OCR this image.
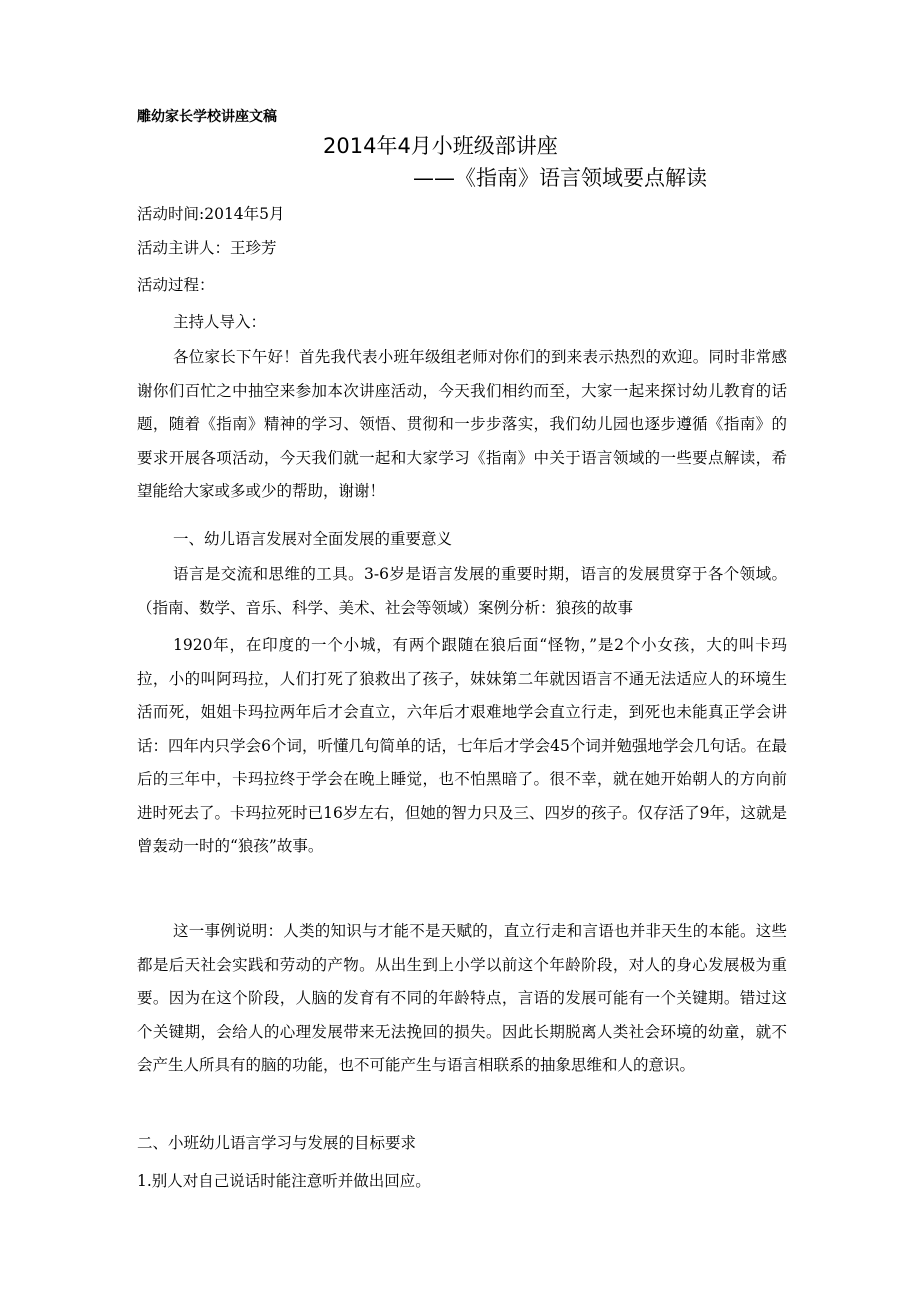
雕幼家长学校讲座文稿
2014年4月小班级部讲座
——《指南》语言领域要点解读
活动时间:2014年5月
活动主讲人：王珍芳
活动过程：
主持人导入：

各位家长下午好！首先我代表小班年级组老师对你们的到来表示热烈的欢迎。同时非常感谢你们百忙之中抽空来参加本次讲座活动，今天我们相约而至，大家一起来探讨幼儿教育的话题，随着《指南》精神的学习、领悟、贯彻和一步步落实，我们幼儿园也逐步遵循《指南》的要求开展各项活动，今天我们就一起和大家学习《指南》中关于语言领域的一些要点解读，希望能给大家或多或少的帮助，谢谢！

一、幼儿语言发展对全面发展的重要意义

语言是交流和思维的工具。3-6岁是语言发展的重要时期，语言的发展贯穿于各个领域。（指南、数学、音乐、科学、美术、社会等领域）案例分析：狼孩的故事

1920年，在印度的一个小城，有两个跟随在狼后面“怪物，”是2个小女孩，大的叫卡玛拉，小的叫阿玛拉，人们打死了狼救出了孩子，妹妹第二年就因语言不通无法适应人的环境生活而死，姐姐卡玛拉两年后才会直立，六年后才艰难地学会直立行走，到死也未能真正学会讲话：四年内只学会6个词，听懂几句简单的话，七年后才学会45个词并勉强地学会几句话。在最后的三年中，卡玛拉终于学会在晚上睡觉，也不怕黑暗了。很不幸，就在她开始朝人的方向前进时死去了。卡玛拉死时已16岁左右，但她的智力只及三、四岁的孩子。仅存活了9年，这就是曾轰动一时的“狼孩”故事。

这一事例说明：人类的知识与才能不是天赋的，直立行走和言语也并非天生的本能。这些都是后天社会实践和劳动的产物。从出生到上小学以前这个年龄阶段，对人的身心发展极为重要。因为在这个阶段，人脑的发育有不同的年龄特点，言语的发展可能有一个关键期。错过这个关键期，会给人的心理发展带来无法挽回的损失。因此长期脱离人类社会环境的幼童，就不会产生人所具有的脑的功能，也不可能产生与语言相联系的抽象思维和人的意识。

二、小班幼儿语言学习与发展的目标要求
1.别人对自己说话时能注意听并做出回应。
